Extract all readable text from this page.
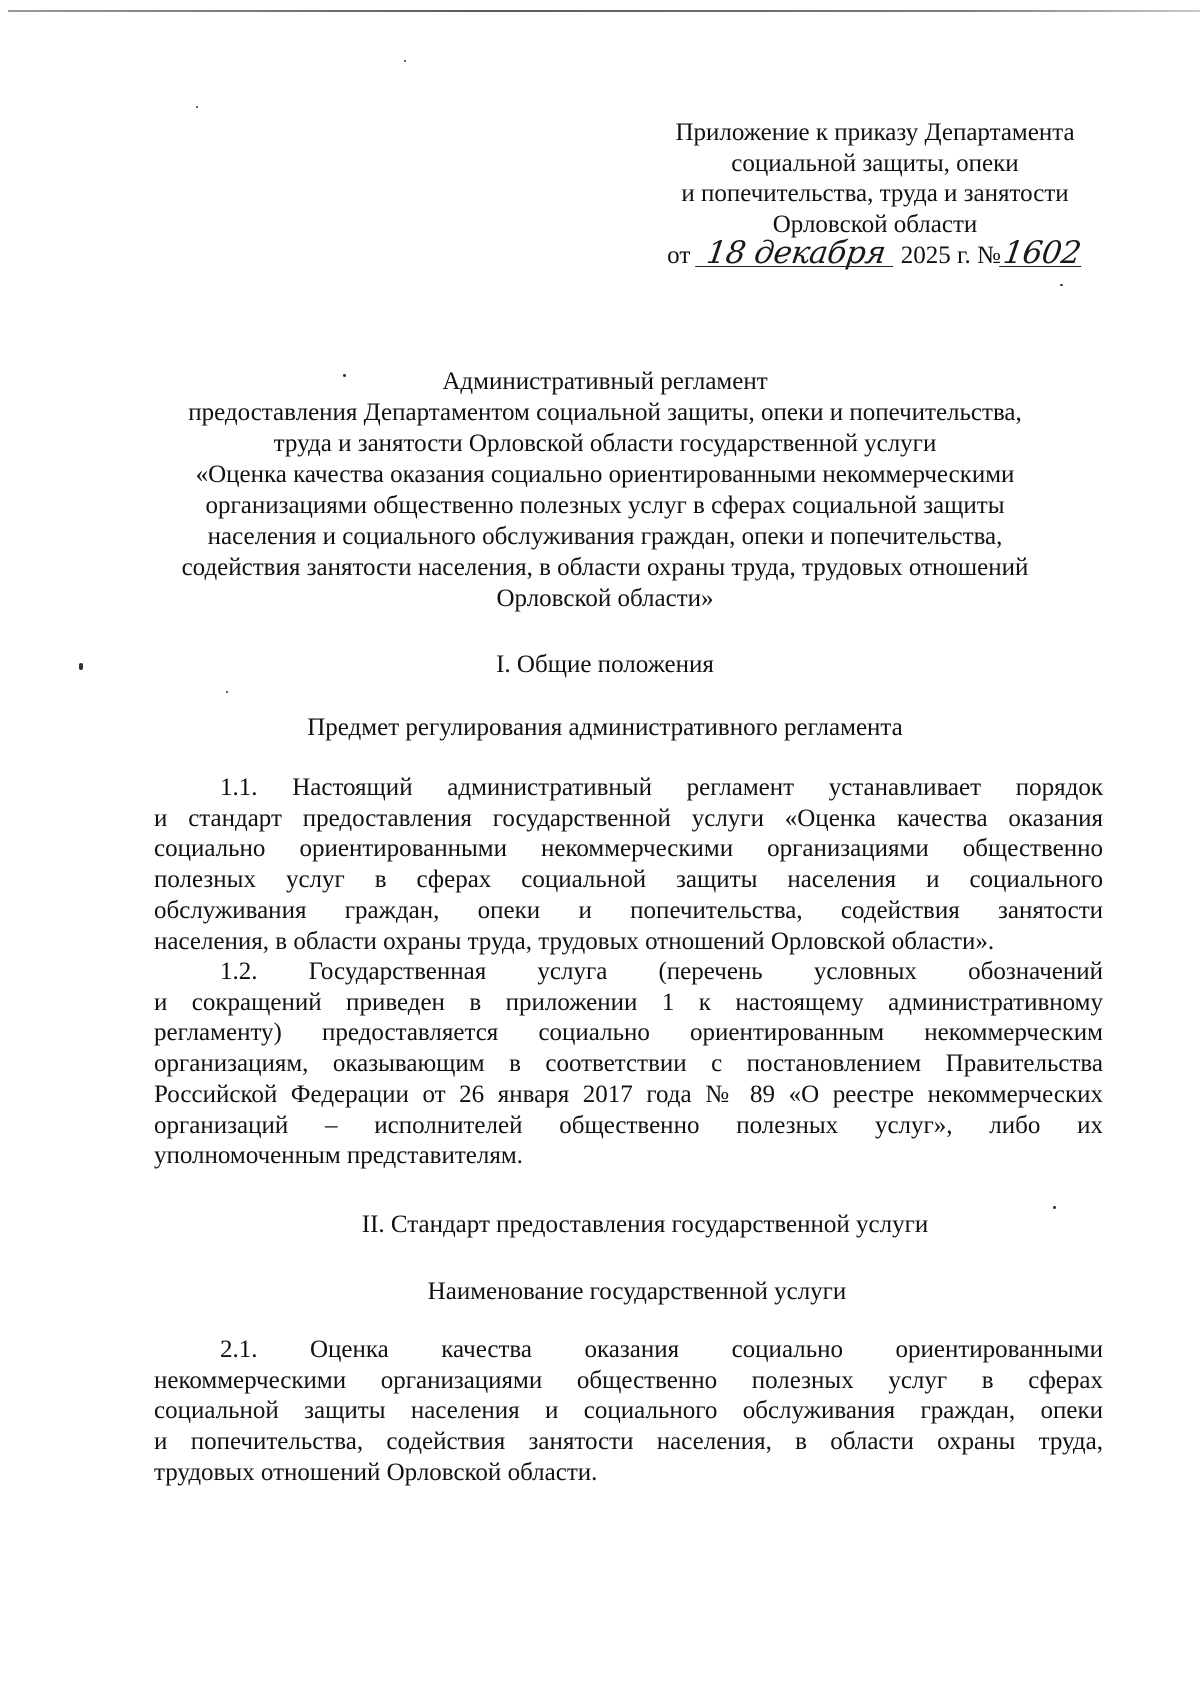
Приложение к приказу Департамента
социальной защиты, опеки
и попечительства, труда и занятости
Орловской области
от 18 декабря 2025 г. №1602
Административный регламент
предоставления Департаментом социальной защиты, опеки и попечительства,
труда и занятости Орловской области государственной услуги
«Оценка качества оказания социально ориентированными некоммерческими
организациями общественно полезных услуг в сферах социальной защиты
населения и социального обслуживания граждан, опеки и попечительства,
содействия занятости населения, в области охраны труда, трудовых отношений
Орловской области»
I. Общие положения
Предмет регулирования административного регламента
1.1. Настоящий административный регламент устанавливает порядок
и стандарт предоставления государственной услуги «Оценка качества оказания
социально ориентированными некоммерческими организациями общественно
полезных услуг в сферах социальной защиты населения и социального
обслуживания граждан, опеки и попечительства, содействия занятости
населения, в области охраны труда, трудовых отношений Орловской области».
1.2. Государственная услуга (перечень условных обозначений
и сокращений приведен в приложении 1 к настоящему административному
регламенту) предоставляется социально ориентированным некоммерческим
организациям, оказывающим в соответствии с постановлением Правительства
Российской Федерации от 26 января 2017 года № 89 «О реестре некоммерческих
организаций – исполнителей общественно полезных услуг», либо их
уполномоченным представителям.
II. Стандарт предоставления государственной услуги
Наименование государственной услуги
2.1. Оценка качества оказания социально ориентированными
некоммерческими организациями общественно полезных услуг в сферах
социальной защиты населения и социального обслуживания граждан, опеки
и попечительства, содействия занятости населения, в области охраны труда,
трудовых отношений Орловской области.
